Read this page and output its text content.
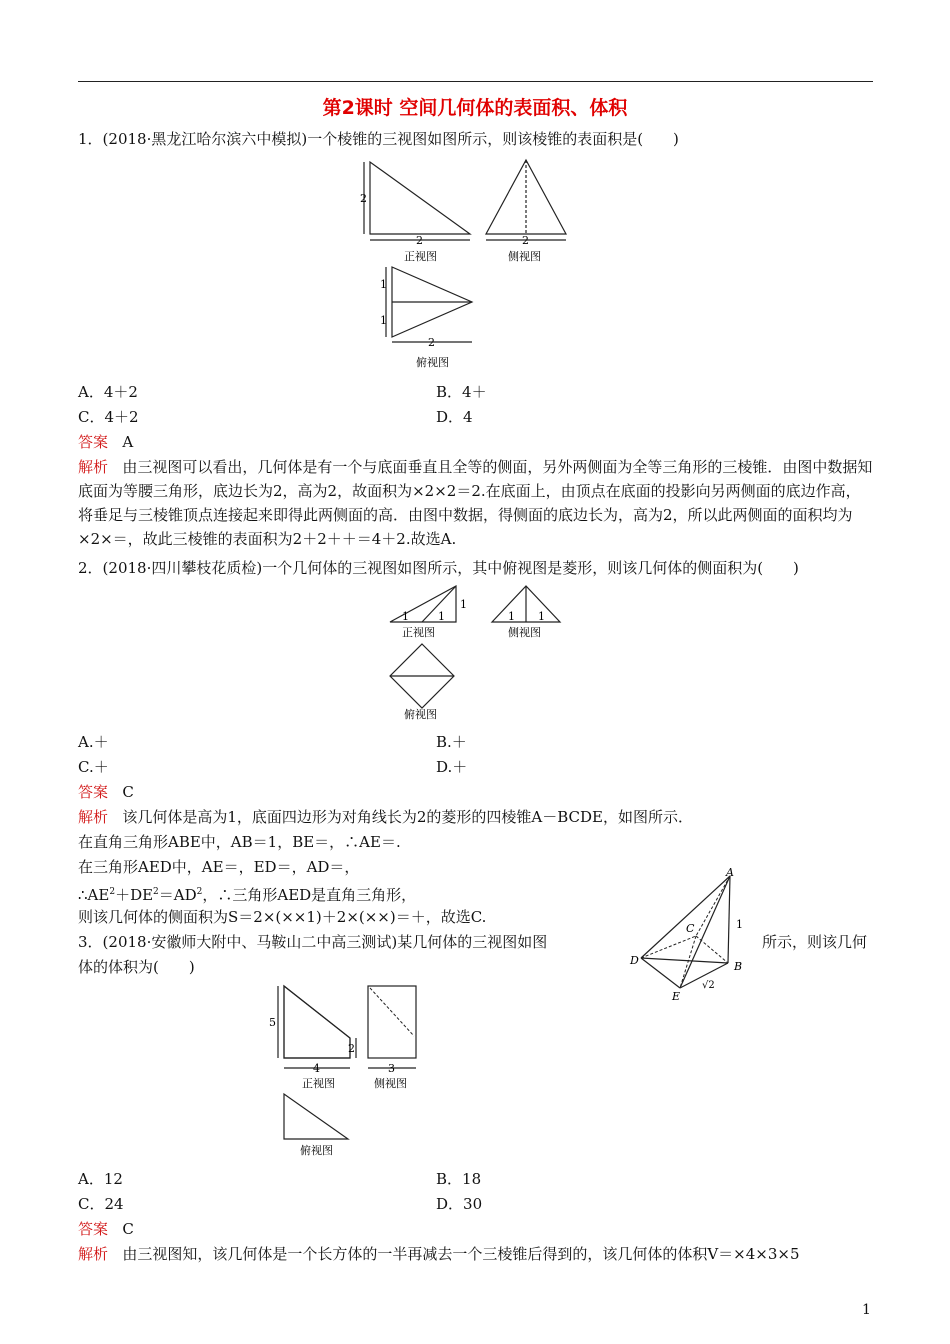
第2课时 空间几何体的表面积、体积
1．(2018·黑龙江哈尔滨六中模拟)一个棱锥的三视图如图所示，则该棱锥的表面积是(　　)
2
2
正视图
2
侧视图
1
1
2
俯视图
A．4＋2	B．4＋
C．4＋2	D．4
答案 A
解析 由三视图可以看出，几何体是有一个与底面垂直且全等的侧面，另外两侧面为全等三角形的三棱锥．由图中数据知底面为等腰三角形，底边长为2，高为2，故面积为×2×2＝2.在底面上，由顶点在底面的投影向另两侧面的底边作高，将垂足与三棱锥顶点连接起来即得此两侧面的高．由图中数据，得侧面的底边长为，高为2，所以此两侧面的面积均为×2×＝，故此三棱锥的表面积为2＋2＋＋＝4＋2.故选A.
2．(2018·四川攀枝花质检)一个几何体的三视图如图所示，其中俯视图是菱形，则该几何体的侧面积为(　　)
1	1
1
正视图
1 1
侧视图
俯视图
A.＋	B.＋
C.＋	D.＋
答案 C
解析 该几何体是高为1，底面四边形为对角线长为2的菱形的四棱锥A－BCDE，如图所示．
在直角三角形ABE中，AB＝1，BE＝，∴AE＝.
在三角形AED中，AE＝，ED＝，AD＝，
$\therefore AE^2+DE^2=AD^2$，∴三角形AED是直角三角形，
则该几何体的侧面积为S＝2×(××1)＋2×(××)＝＋，故选C.
A
B
C
D
E
1
√2
3．(2018·安徽师大附中、马鞍山二中高三测试)某几何体的三视图如图	所示，则该几何
体的体积为(　　)
5
2
4
正视图
3
侧视图
俯视图
A．12	B．18
C．24	D．30
答案 C
解析 由三视图知，该几何体是一个长方体的一半再减去一个三棱锥后得到的，该几何体的体积V＝×4×3×5
1
